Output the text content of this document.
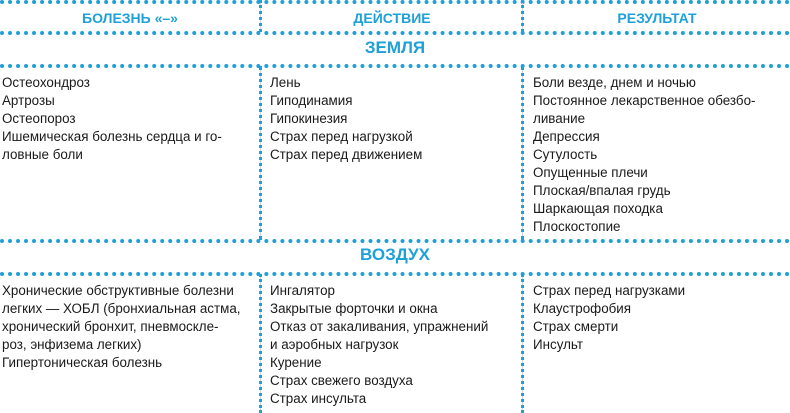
БОЛЕЗНЬ «–»	ДЕЙСТВИЕ	РЕЗУЛЬТАТ
ЗЕМЛЯ
Остеохондроз
Артрозы
Остеопороз
Ишемическая болезнь сердца и го-
ловные боли
Лень
Гиподинамия
Гипокинезия
Страх перед нагрузкой
Страх перед движением
Боли везде, днем и ночью
Постоянное лекарственное обезбо-
ливание
Депрессия
Сутулость
Опущенные плечи
Плоская/впалая грудь
Шаркающая походка
Плоскостопие
ВОЗДУХ
Хронические обструктивные болезни
легких — ХОБЛ (бронхиальная астма,
хронический бронхит, пневмоскле-
роз, энфизема легких)
Гипертоническая болезнь
Ингалятор
Закрытые форточки и окна
Отказ от закаливания, упражнений
и аэробных нагрузок
Курение
Страх свежего воздуха
Страх инсульта
Страх перед нагрузками
Клаустрофобия
Страх смерти
Инсульт
